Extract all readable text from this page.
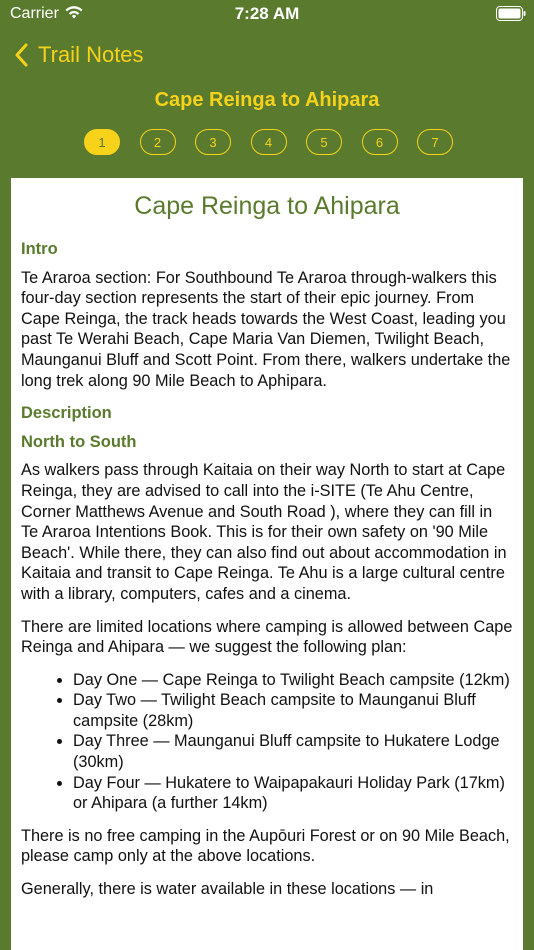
Carrier	7:28 AM
Trail Notes
Cape Reinga to Ahipara
1	2	3	4	5	6	7
Cape Reinga to Ahipara

Intro

Te Araroa section: For Southbound Te Araroa through-walkers this four-day section represents the start of their epic journey. From Cape Reinga, the track heads towards the West Coast, leading you past Te Werahi Beach, Cape Maria Van Diemen, Twilight Beach, Maunganui Bluff and Scott Point. From there, walkers undertake the long trek along 90 Mile Beach to Aphipara.

Description

North to South

As walkers pass through Kaitaia on their way North to start at Cape Reinga, they are advised to call into the i-SITE (Te Ahu Centre, Corner Matthews Avenue and South Road ), where they can fill in Te Araroa Intentions Book. This is for their own safety on '90 Mile Beach'. While there, they can also find out about accommodation in Kaitaia and transit to Cape Reinga. Te Ahu is a large cultural centre with a library, computers, cafes and a cinema.

There are limited locations where camping is allowed between Cape Reinga and Ahipara — we suggest the following plan:

• Day One — Cape Reinga to Twilight Beach campsite (12km)
• Day Two — Twilight Beach campsite to Maunganui Bluff campsite (28km)
• Day Three — Maunganui Bluff campsite to Hukatere Lodge (30km)
• Day Four — Hukatere to Waipapakauri Holiday Park (17km) or Ahipara (a further 14km)

There is no free camping in the Aupōuri Forest or on 90 Mile Beach, please camp only at the above locations.

Generally, there is water available in these locations — in
